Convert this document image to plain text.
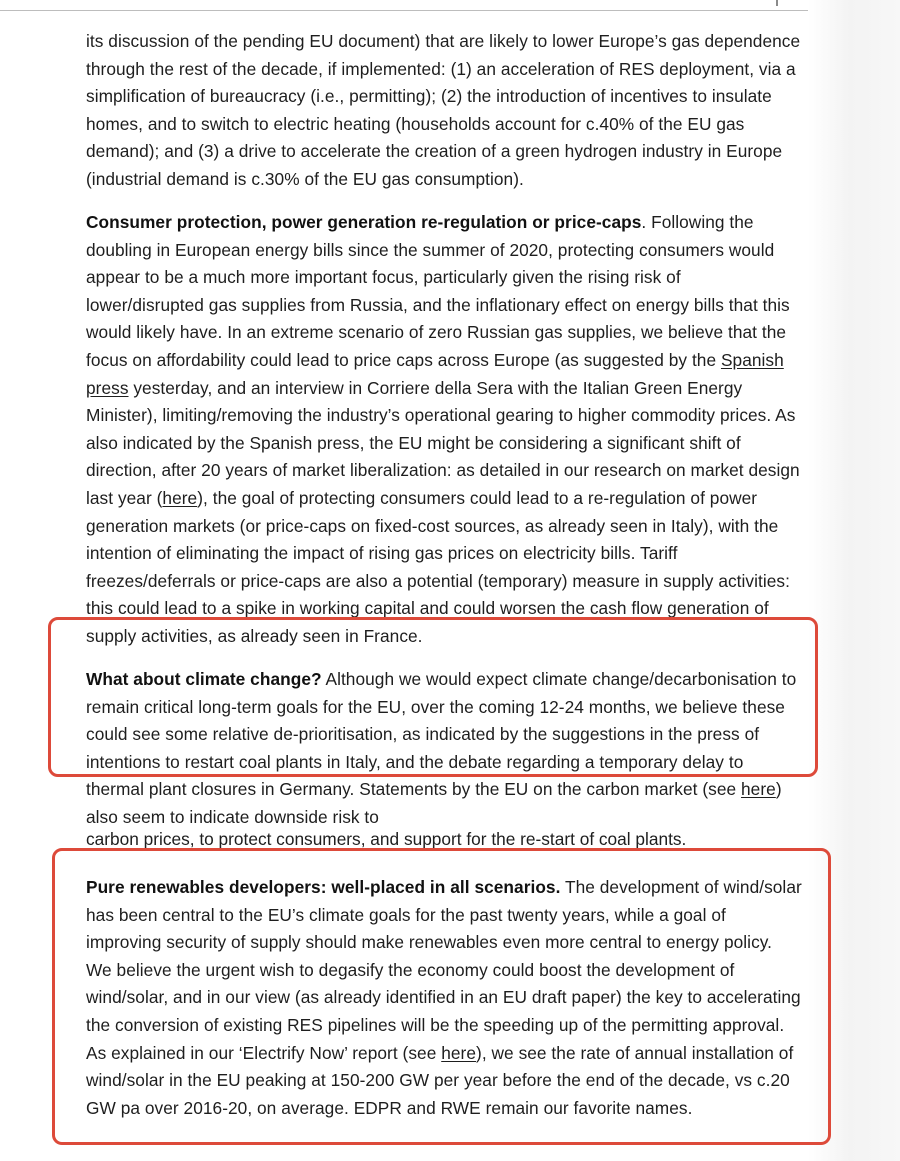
its discussion of the pending EU document) that are likely to lower Europe’s gas dependence through the rest of the decade, if implemented: (1) an acceleration of RES deployment, via a simplification of bureaucracy (i.e., permitting); (2) the introduction of incentives to insulate homes, and to switch to electric heating (households account for c.40% of the EU gas demand); and (3) a drive to accelerate the creation of a green hydrogen industry in Europe (industrial demand is c.30% of the EU gas consumption).

Consumer protection, power generation re-regulation or price-caps. Following the doubling in European energy bills since the summer of 2020, protecting consumers would appear to be a much more important focus, particularly given the rising risk of lower/disrupted gas supplies from Russia, and the inflationary effect on energy bills that this would likely have. In an extreme scenario of zero Russian gas supplies, we believe that the focus on affordability could lead to price caps across Europe (as suggested by the Spanish press yesterday, and an interview in Corriere della Sera with the Italian Green Energy Minister), limiting/removing the industry’s operational gearing to higher commodity prices. As also indicated by the Spanish press, the EU might be considering a significant shift of direction, after 20 years of market liberalization: as detailed in our research on market design last year (here), the goal of protecting consumers could lead to a re-regulation of power generation markets (or price-caps on fixed-cost sources, as already seen in Italy), with the intention of eliminating the impact of rising gas prices on electricity bills. Tariff freezes/deferrals or price-caps are also a potential (temporary) measure in supply activities: this could lead to a spike in working capital and could worsen the cash flow generation of supply activities, as already seen in France.

What about climate change? Although we would expect climate change/decarbonisation to remain critical long-term goals for the EU, over the coming 12-24 months, we believe these could see some relative de-prioritisation, as indicated by the suggestions in the press of intentions to restart coal plants in Italy, and the debate regarding a temporary delay to thermal plant closures in Germany. Statements by the EU on the carbon market (see here) also seem to indicate downside risk to

carbon prices, to protect consumers, and support for the re-start of coal plants.

Pure renewables developers: well-placed in all scenarios. The development of wind/solar has been central to the EU’s climate goals for the past twenty years, while a goal of improving security of supply should make renewables even more central to energy policy. We believe the urgent wish to degasify the economy could boost the development of wind/solar, and in our view (as already identified in an EU draft paper) the key to accelerating the conversion of existing RES pipelines will be the speeding up of the permitting approval. As explained in our ‘Electrify Now’ report (see here), we see the rate of annual installation of wind/solar in the EU peaking at 150-200 GW per year before the end of the decade, vs c.20 GW pa over 2016-20, on average. EDPR and RWE remain our favorite names.
